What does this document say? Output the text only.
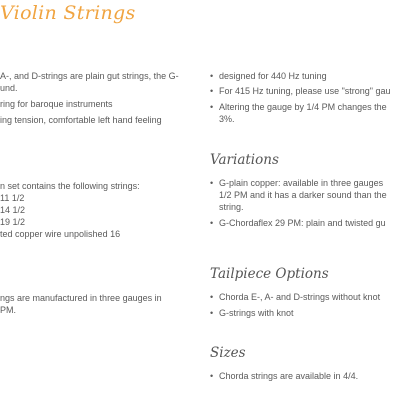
Violin Strings
A-, and D-strings are plain gut strings, the G-
und.
ring for baroque instruments
ing tension, comfortable left hand feeling
n set contains the following strings:
11 1/2
14 1/2
19 1/2
ted copper wire unpolished 16
ngs are manufactured in three gauges in
PM.
• designed for 440 Hz tuning
• For 415 Hz tuning, please use "strong" gau
• Altering the gauge by 1/4 PM changes the
3%.
Variations
• G-plain copper: available in three gauges
1/2 PM and it has a darker sound than the
string.
• G-Chordaflex 29 PM: plain and twisted gu
Tailpiece Options
• Chorda E-, A- and D-strings without knot
• G-strings with knot
Sizes
• Chorda strings are available in 4/4.
